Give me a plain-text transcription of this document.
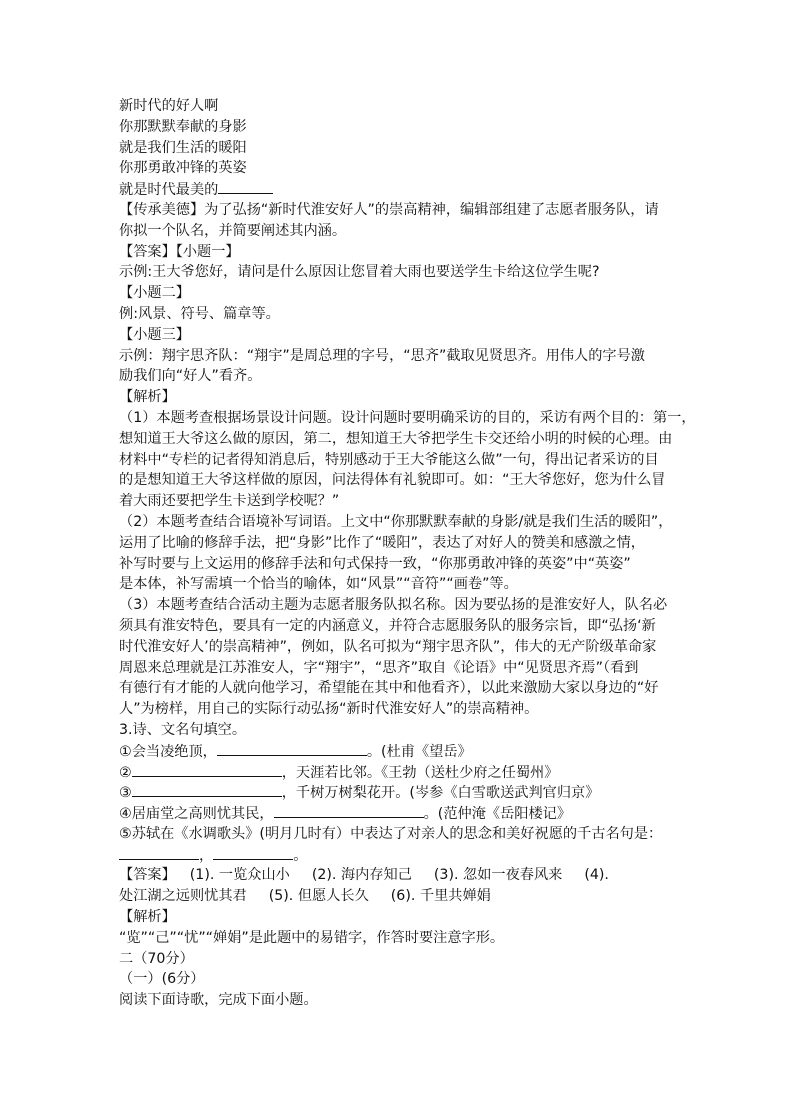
新时代的好人啊
你那默默奉献的身影
就是我们生活的暖阳
你那勇敢冲锋的英姿
就是时代最美的
【传承美德】为了弘扬“新时代淮安好人”的崇高精神，编辑部组建了志愿者服务队，请
你拟一个队名，并简要阐述其内涵。
【答案】【小题一】
示例:王大爷您好，请问是什么原因让您冒着大雨也要送学生卡给这位学生呢?
【小题二】
例:风景、符号、篇章等。
【小题三】
示例：翔宇思齐队：“翔宇”是周总理的字号，“思齐”截取见贤思齐。用伟人的字号激
励我们向“好人”看齐。
【解析】
（1）本题考查根据场景设计问题。设计问题时要明确采访的目的，采访有两个目的：第一，
想知道王大爷这么做的原因，第二，想知道王大爷把学生卡交还给小明的时候的心理。由
材料中“专栏的记者得知消息后，特别感动于王大爷能这么做”一句，得出记者采访的目
的是想知道王大爷这样做的原因，问法得体有礼貌即可。如：“王大爷您好，您为什么冒
着大雨还要把学生卡送到学校呢？”
（2）本题考查结合语境补写词语。上文中“你那默默奉献的身影/就是我们生活的暖阳”，
运用了比喻的修辞手法，把“身影”比作了“暖阳”，表达了对好人的赞美和感激之情，
补写时要与上文运用的修辞手法和句式保持一致，“你那勇敢冲锋的英姿”中“英姿”
是本体，补写需填一个恰当的喻体，如“风景”“音符”“画卷”等。
（3）本题考查结合活动主题为志愿者服务队拟名称。因为要弘扬的是淮安好人，队名必
须具有淮安特色，要具有一定的内涵意义，并符合志愿服务队的服务宗旨，即“弘扬‘新
时代淮安好人’的崇高精神”，例如，队名可拟为“翔宇思齐队”，伟大的无产阶级革命家
周恩来总理就是江苏淮安人，字“翔宇”，“思齐”取自《论语》中“见贤思齐焉”（看到
有德行有才能的人就向他学习，希望能在其中和他看齐），以此来激励大家以身边的“好
人”为榜样，用自己的实际行动弘扬“新时代淮安好人”的崇高精神。
3.诗、文名句填空。
①会当凌绝顶，	。(杜甫《望岳》
②	，天涯若比邻。《王勃（送杜少府之任蜀州》
③	，千树万树梨花开。(岑参《白雪歌送武判官归京》
④居庙堂之高则忧其民，	。(范仲淹《岳阳楼记》
⑤苏轼在《水调歌头》(明月几时有）中表达了对亲人的思念和美好祝愿的千古名句是：
，	。
【答案】 (1). 一览众山小 (2). 海内存知己 (3). 忽如一夜春风来 (4).
处江湖之远则忧其君 (5). 但愿人长久 (6). 千里共婵娟
【解析】
“览”“己”“忧”“婵娟”是此题中的易错字，作答时要注意字形。
二（70分）
（一）(6分）
阅读下面诗歌，完成下面小题。
